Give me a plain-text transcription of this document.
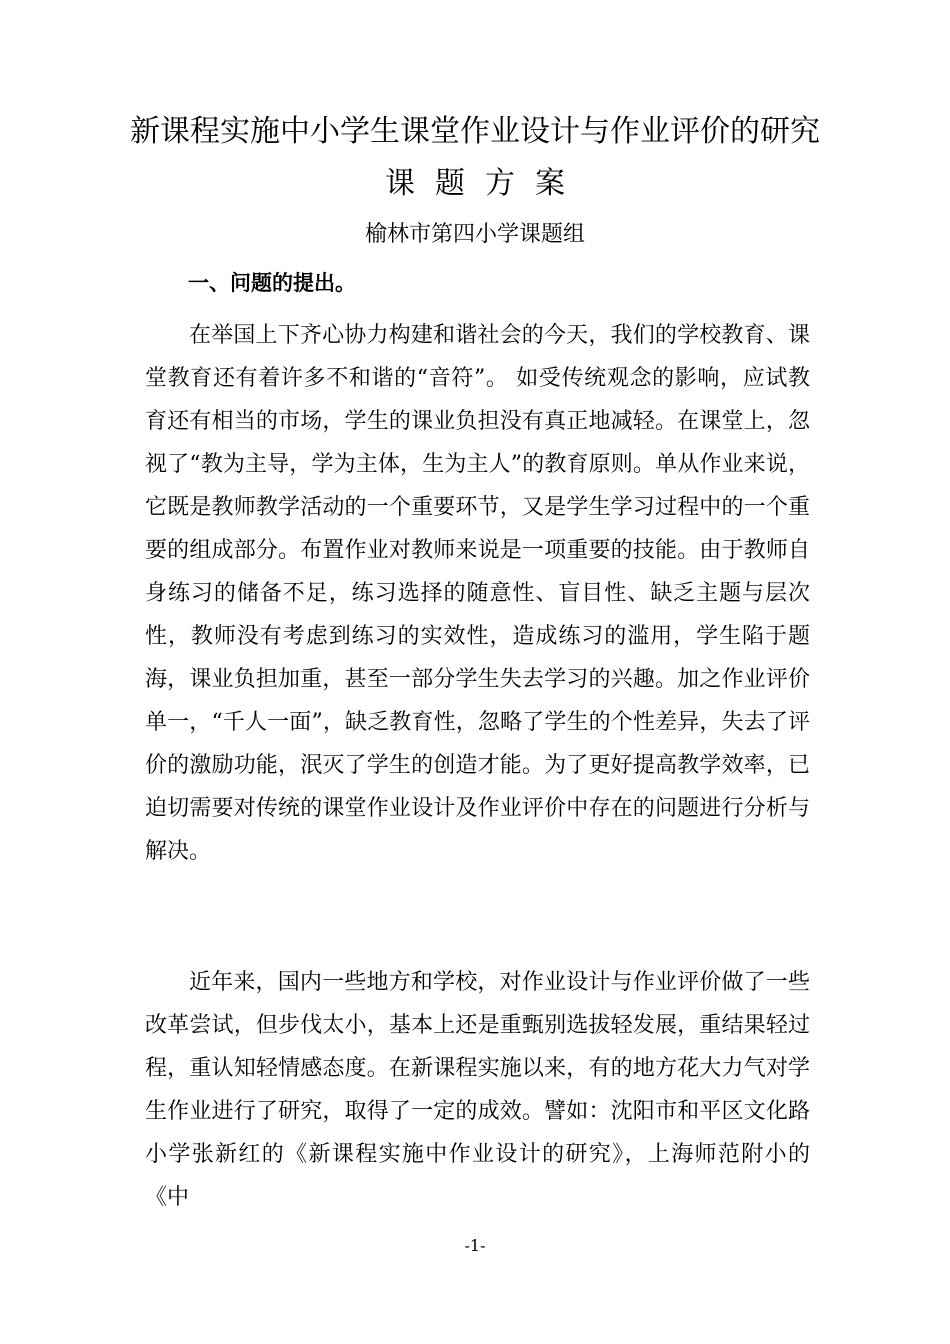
新课程实施中小学生课堂作业设计与作业评价的研究
课题方案
榆林市第四小学课题组
一、问题的提出。

在举国上下齐心协力构建和谐社会的今天，我们的学校教育、课堂教育还有着许多不和谐的“音符”。 如受传统观念的影响，应试教育还有相当的市场，学生的课业负担没有真正地减轻。在课堂上，忽视了“教为主导，学为主体，生为主人”的教育原则。单从作业来说，它既是教师教学活动的一个重要环节，又是学生学习过程中的一个重要的组成部分。布置作业对教师来说是一项重要的技能。由于教师自身练习的储备不足，练习选择的随意性、盲目性、缺乏主题与层次性，教师没有考虑到练习的实效性，造成练习的滥用，学生陷于题海，课业负担加重，甚至一部分学生失去学习的兴趣。加之作业评价单一，“千人一面”，缺乏教育性，忽略了学生的个性差异，失去了评价的激励功能，泯灭了学生的创造才能。为了更好提高教学效率，已迫切需要对传统的课堂作业设计及作业评价中存在的问题进行分析与解决。

近年来，国内一些地方和学校，对作业设计与作业评价做了一些改革尝试，但步伐太小，基本上还是重甄别选拔轻发展，重结果轻过程，重认知轻情感态度。在新课程实施以来，有的地方花大力气对学生作业进行了研究，取得了一定的成效。譬如：沈阳市和平区文化路小学张新红的《新课程实施中作业设计的研究》，上海师范附小的《中

-1-
